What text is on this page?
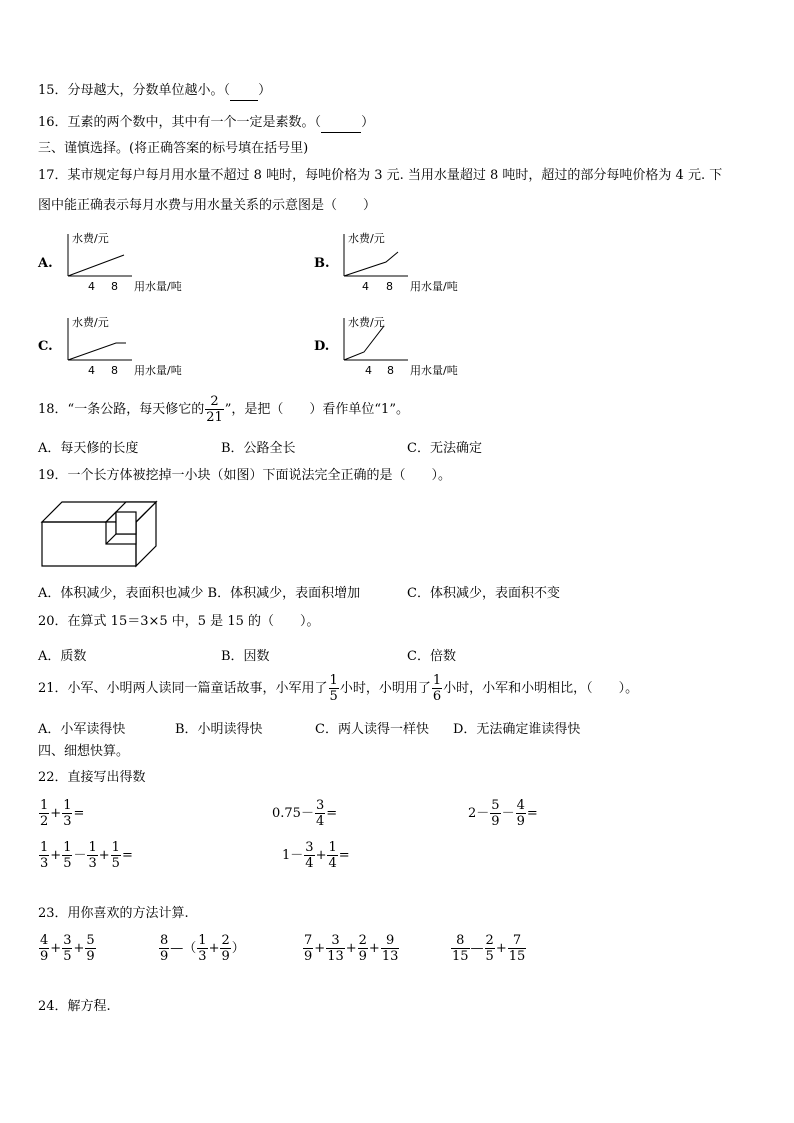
15．分母越大，分数单位越小。（ ）
16．互素的两个数中，其中有一个一定是素数。（	）
三、谨慎选择。(将正确答案的标号填在括号里)
17．某市规定每户每月用水量不超过 8 吨时，每吨价格为 3 元. 当用水量超过 8 吨时，超过的部分每吨价格为 4 元. 下
图中能正确表示每月水费与用水量关系的示意图是（　　）
A.
水费/元
用水量/吨
4 8
B.
水费/元
用水量/吨
4 8
C.
水费/元
用水量/吨
4 8
D.
水费/元
用水量/吨
4 8
18．“一条公路，每天修它的 $\frac{2}{21}$ ”，是把（　　）看作单位“1”。
A．每天修的长度	B．公路全长	C．无法确定
19．一个长方体被挖掉一小块（如图）下面说法完全正确的是（　　）。
A．体积减少，表面积也减少 B．体积减少，表面积增加	C．体积减少，表面积不变
20．在算式 15＝3×5 中，5 是 15 的（　　）。
A．质数	B．因数	C．倍数
21．小军、小明两人读同一篇童话故事，小军用了 $\frac{1}{5}$ 小时，小明用了 $\frac{1}{6}$ 小时，小军和小明相比，（　　）。
A．小军读得快	B．小明读得快	C．两人读得一样快 D．无法确定谁读得快
四、细想快算。
22．直接写出得数
$\frac{1}{2} + \frac{1}{3}$ =	$0.75- \frac{3}{4}$ =	$2- \frac{5}{9} - \frac{4}{9}$ =
$\frac{1}{3} + \frac{1}{5} - \frac{1}{3} + \frac{1}{5}$ =	$1- \frac{3}{4} + \frac{1}{4}$ =
23．用你喜欢的方法计算.
$\frac{4}{9} + \frac{3}{5} + \frac{5}{9}$	$\frac{8}{9}$ —（ $\frac{1}{3} + \frac{2}{9}$ ）	$\frac{7}{9} + \frac{3}{13} + \frac{2}{9} + \frac{9}{13}$	$\frac{8}{15}$ — $\frac{2}{5} + \frac{7}{15}$
24．解方程.
